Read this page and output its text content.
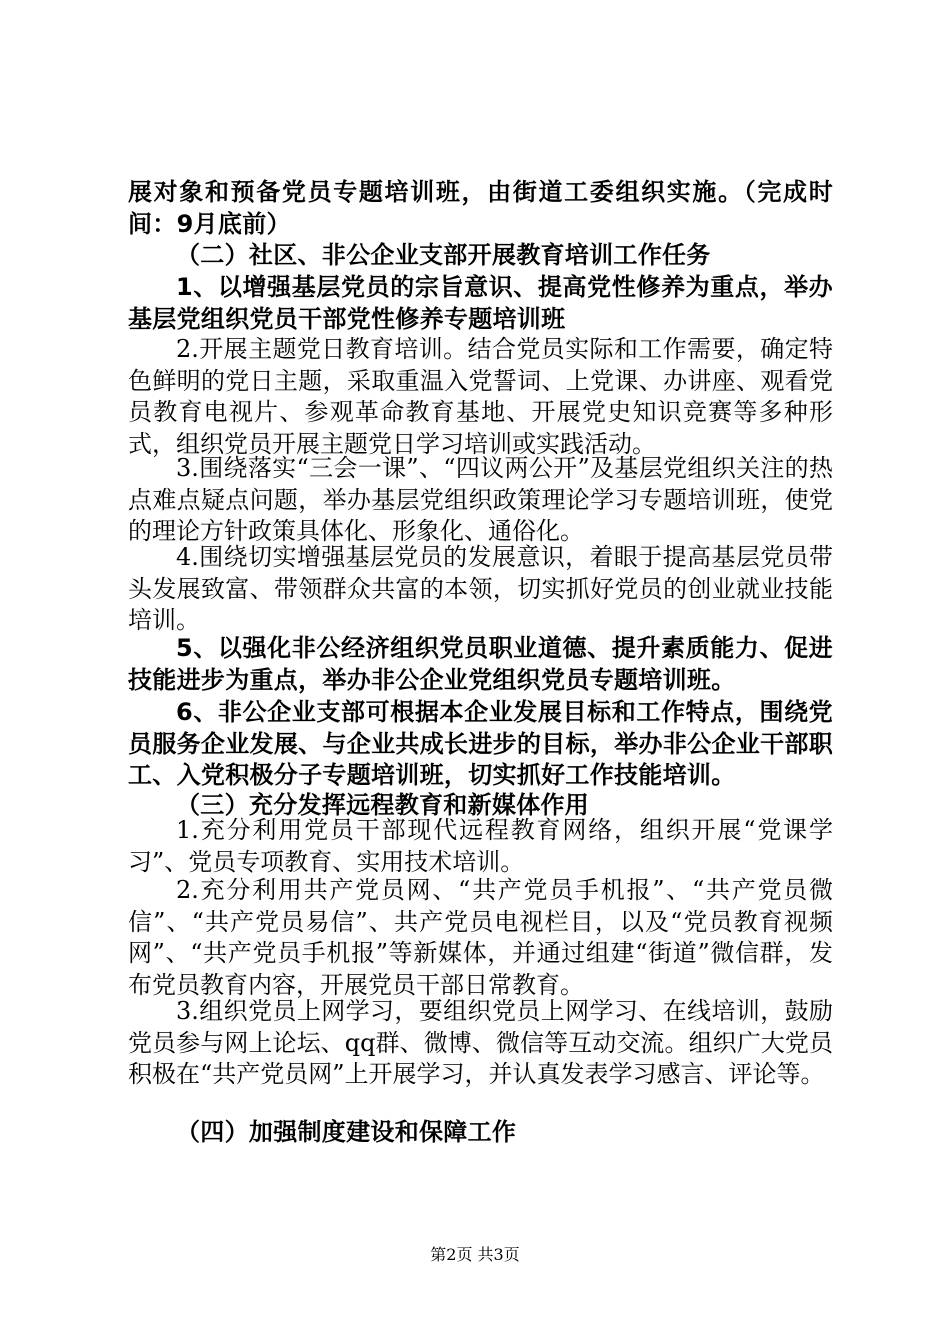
展对象和预备党员专题培训班，由街道工委组织实施。（完成时间：9月底前）

（二）社区、非公企业支部开展教育培训工作任务

1、以增强基层党员的宗旨意识、提高党性修养为重点，举办基层党组织党员干部党性修养专题培训班

2.开展主题党日教育培训。结合党员实际和工作需要，确定特色鲜明的党日主题，采取重温入党誓词、上党课、办讲座、观看党员教育电视片、参观革命教育基地、开展党史知识竞赛等多种形式，组织党员开展主题党日学习培训或实践活动。

3.围绕落实“三会一课”、“四议两公开”及基层党组织关注的热点难点疑点问题，举办基层党组织政策理论学习专题培训班，使党的理论方针政策具体化、形象化、通俗化。

4.围绕切实增强基层党员的发展意识，着眼于提高基层党员带头发展致富、带领群众共富的本领，切实抓好党员的创业就业技能培训。

5、以强化非公经济组织党员职业道德、提升素质能力、促进技能进步为重点，举办非公企业党组织党员专题培训班。

6、非公企业支部可根据本企业发展目标和工作特点，围绕党员服务企业发展、与企业共成长进步的目标，举办非公企业干部职工、入党积极分子专题培训班，切实抓好工作技能培训。

（三）充分发挥远程教育和新媒体作用

1.充分利用党员干部现代远程教育网络，组织开展“党课学习”、党员专项教育、实用技术培训。

2.充分利用共产党员网、“共产党员手机报”、“共产党员微信”、“共产党员易信”、共产党员电视栏目，以及“党员教育视频网”、“共产党员手机报”等新媒体，并通过组建“街道”微信群，发布党员教育内容，开展党员干部日常教育。

3.组织党员上网学习，要组织党员上网学习、在线培训，鼓励党员参与网上论坛、qq群、微博、微信等互动交流。组织广大党员积极在“共产党员网”上开展学习，并认真发表学习感言、评论等。

（四）加强制度建设和保障工作

第2页 共3页
